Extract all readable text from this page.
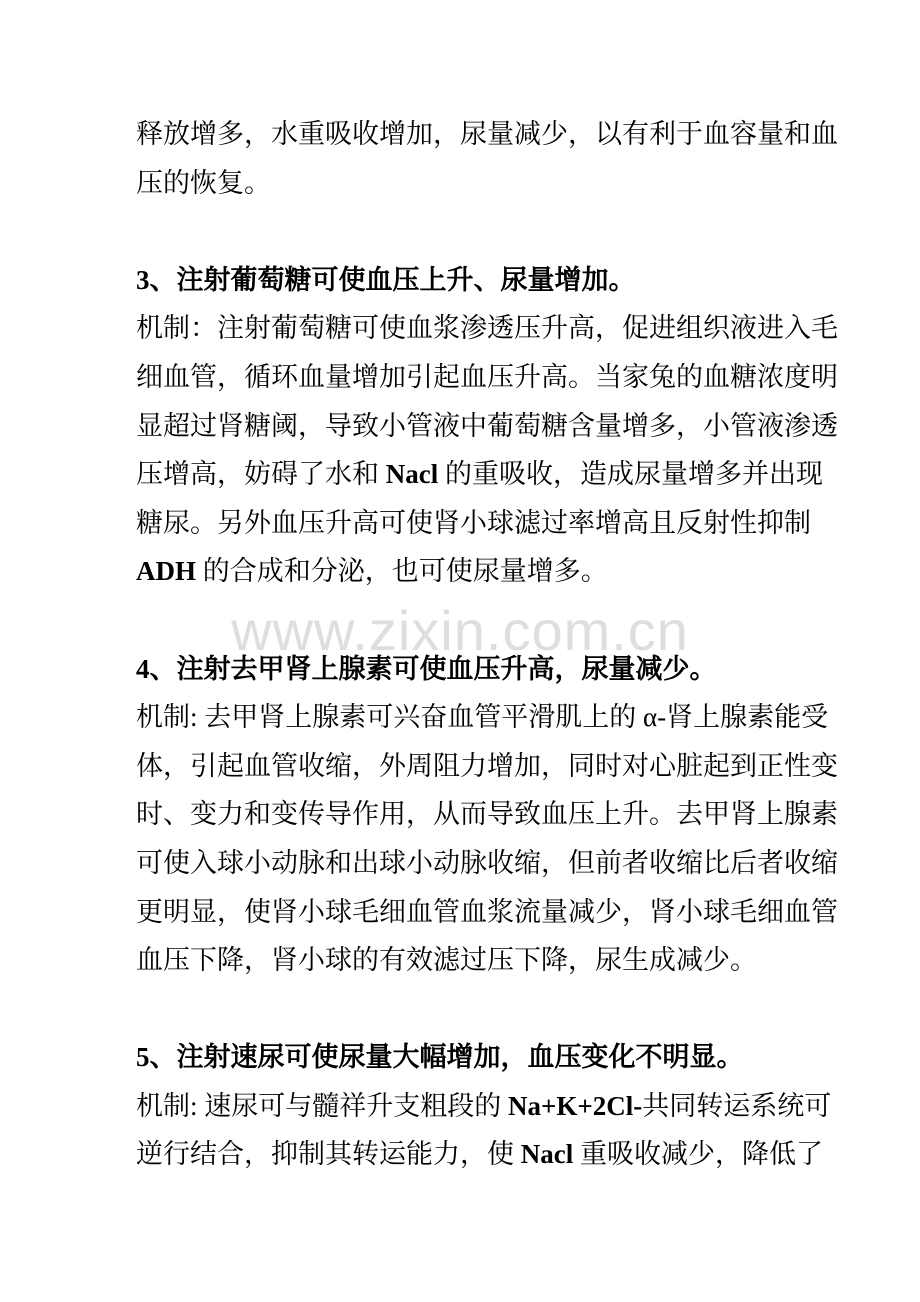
www.zixin.com.cn
释放增多，水重吸收增加，尿量减少，以有利于血容量和血
压的恢复。
3、注射葡萄糖可使血压上升、尿量增加。
机制：注射葡萄糖可使血浆渗透压升高，促进组织液进入毛
细血管，循环血量增加引起血压升高。当家兔的血糖浓度明
显超过肾糖阈，导致小管液中葡萄糖含量增多，小管液渗透
压增高，妨碍了水和 Nacl 的重吸收，造成尿量增多并出现
糖尿。另外血压升高可使肾小球滤过率增高且反射性抑制
ADH 的合成和分泌，也可使尿量增多。
4、注射去甲肾上腺素可使血压升高，尿量减少。
机制: 去甲肾上腺素可兴奋血管平滑肌上的 α-肾上腺素能受
体，引起血管收缩，外周阻力增加，同时对心脏起到正性变
时、变力和变传导作用，从而导致血压上升。去甲肾上腺素
可使入球小动脉和出球小动脉收缩，但前者收缩比后者收缩
更明显，使肾小球毛细血管血浆流量减少，肾小球毛细血管
血压下降，肾小球的有效滤过压下降，尿生成减少。
5、注射速尿可使尿量大幅增加，血压变化不明显。
机制: 速尿可与髓祥升支粗段的 Na+K+2Cl-共同转运系统可
逆行结合，抑制其转运能力，使 Nacl 重吸收减少，降低了
